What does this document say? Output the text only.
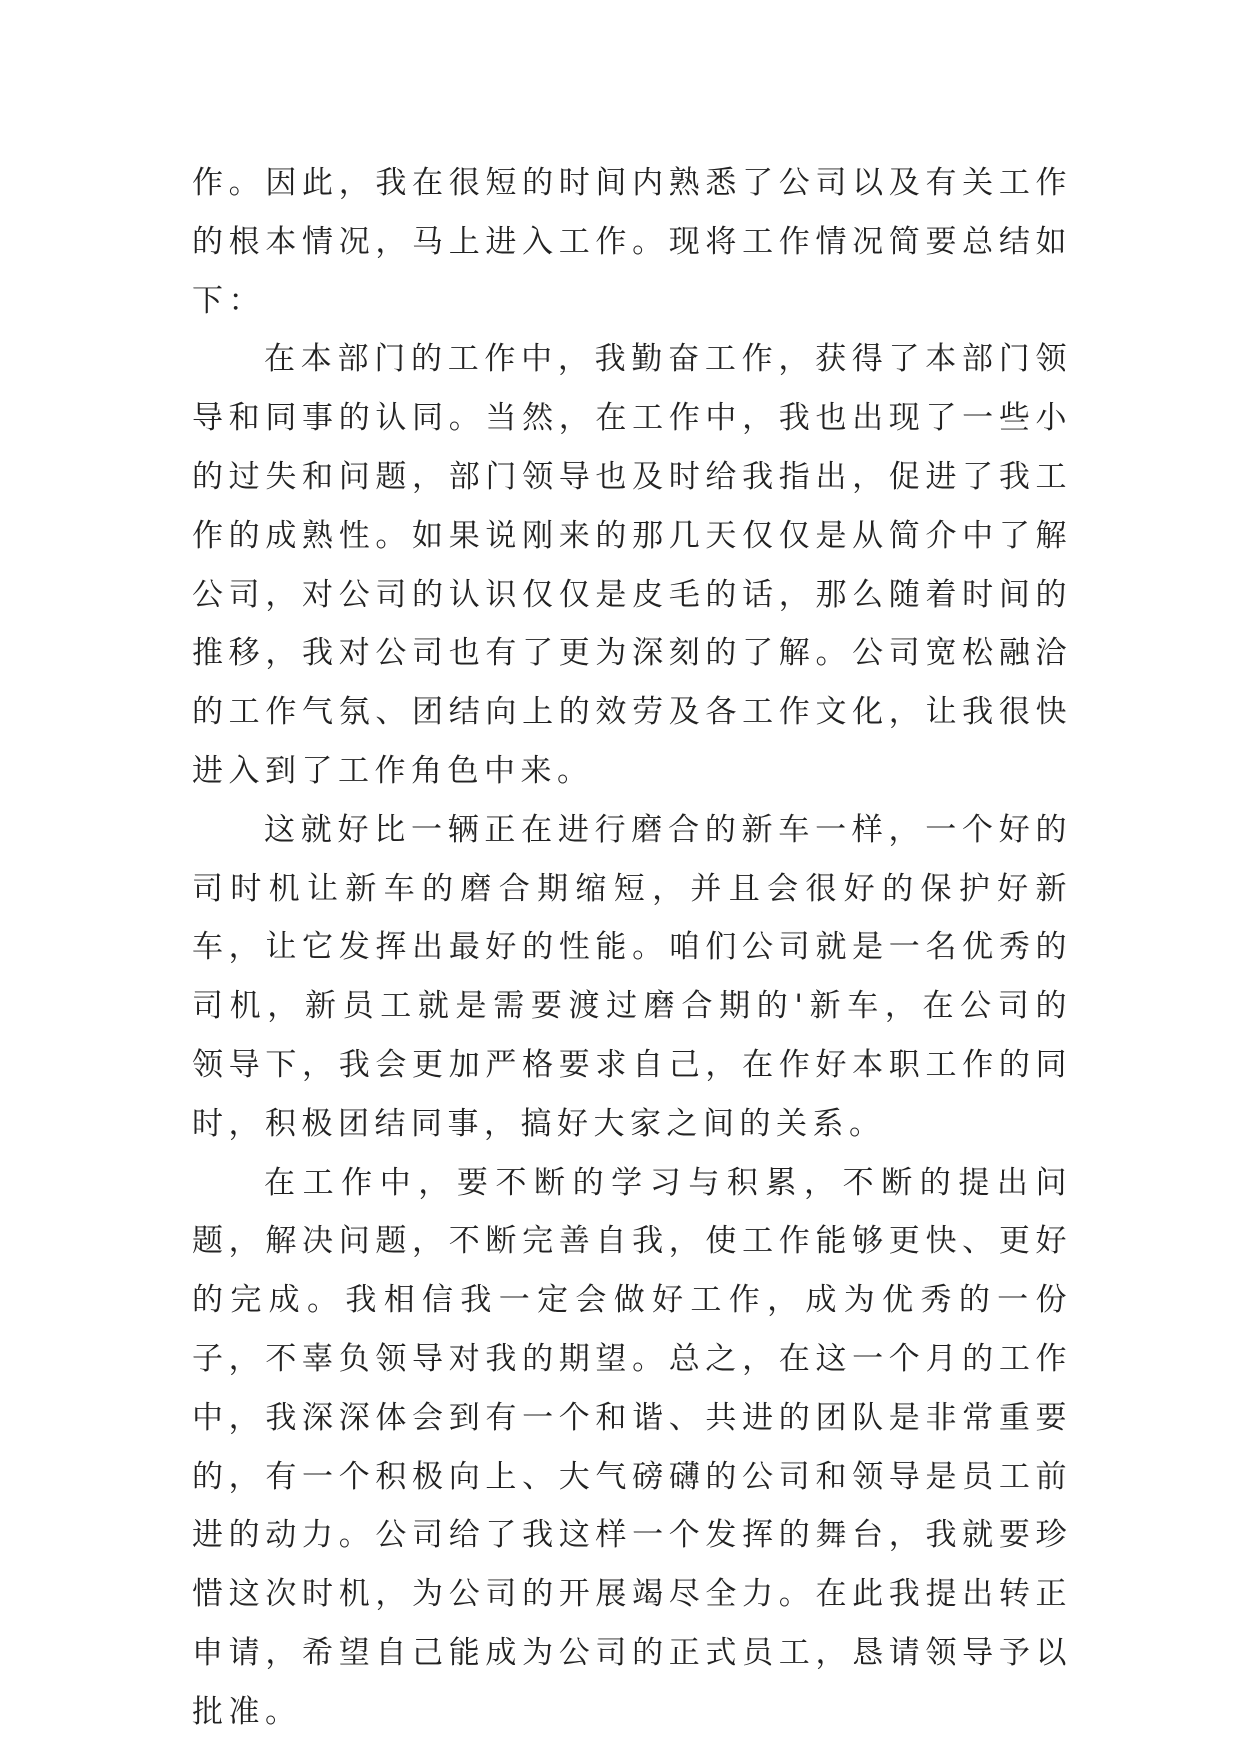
作。因此，我在很短的时间内熟悉了公司以及有关工作的根本情况，马上进入工作。现将工作情况简要总结如下：

在本部门的工作中，我勤奋工作，获得了本部门领导和同事的认同。当然，在工作中，我也出现了一些小的过失和问题，部门领导也及时给我指出，促进了我工作的成熟性。如果说刚来的那几天仅仅是从简介中了解公司，对公司的认识仅仅是皮毛的话，那么随着时间的推移，我对公司也有了更为深刻的了解。公司宽松融洽的工作气氛、团结向上的效劳及各工作文化，让我很快进入到了工作角色中来。

这就好比一辆正在进行磨合的新车一样，一个好的司时机让新车的磨合期缩短，并且会很好的保护好新车，让它发挥出最好的性能。咱们公司就是一名优秀的司机，新员工就是需要渡过磨合期的'新车，在公司的领导下，我会更加严格要求自己，在作好本职工作的同时，积极团结同事，搞好大家之间的关系。

在工作中，要不断的学习与积累，不断的提出问题，解决问题，不断完善自我，使工作能够更快、更好的完成。我相信我一定会做好工作，成为优秀的一份子，不辜负领导对我的期望。总之，在这一个月的工作中，我深深体会到有一个和谐、共进的团队是非常重要的，有一个积极向上、大气磅礴的公司和领导是员工前进的动力。公司给了我这样一个发挥的舞台，我就要珍惜这次时机，为公司的开展竭尽全力。在此我提出转正申请，希望自己能成为公司的正式员工，恳请领导予以批准。
